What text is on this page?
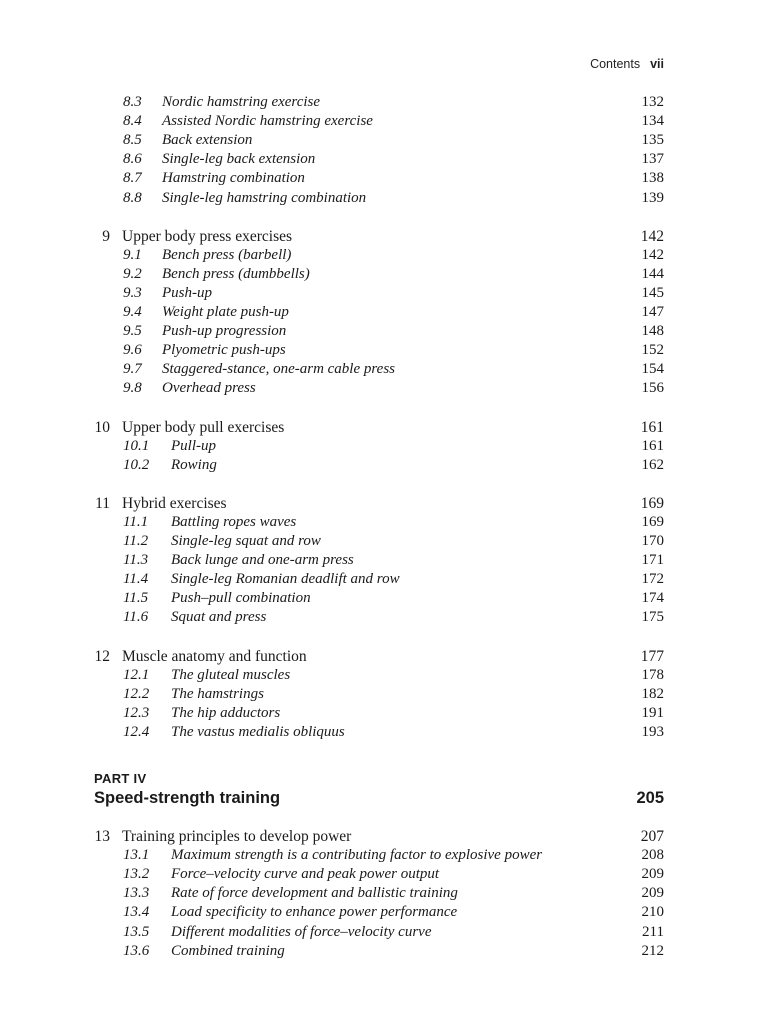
Contents vii
8.3 Nordic hamstring exercise	132
8.4 Assisted Nordic hamstring exercise	134
8.5 Back extension	135
8.6 Single-leg back extension	137
8.7 Hamstring combination	138
8.8 Single-leg hamstring combination	139
9 Upper body press exercises	142
9.1 Bench press (barbell)	142
9.2 Bench press (dumbbells)	144
9.3 Push-up	145
9.4 Weight plate push-up	147
9.5 Push-up progression	148
9.6 Plyometric push-ups	152
9.7 Staggered-stance, one-arm cable press	154
9.8 Overhead press	156
10 Upper body pull exercises	161
10.1 Pull-up	161
10.2 Rowing	162
11 Hybrid exercises	169
11.1 Battling ropes waves	169
11.2 Single-leg squat and row	170
11.3 Back lunge and one-arm press	171
11.4 Single-leg Romanian deadlift and row	172
11.5 Push–pull combination	174
11.6 Squat and press	175
12 Muscle anatomy and function	177
12.1 The gluteal muscles	178
12.2 The hamstrings	182
12.3 The hip adductors	191
12.4 The vastus medialis obliquus	193
PART IV
Speed-strength training	205
13 Training principles to develop power	207
13.1 Maximum strength is a contributing factor to explosive power	208
13.2 Force–velocity curve and peak power output	209
13.3 Rate of force development and ballistic training	209
13.4 Load specificity to enhance power performance	210
13.5 Different modalities of force–velocity curve	211
13.6 Combined training	212
